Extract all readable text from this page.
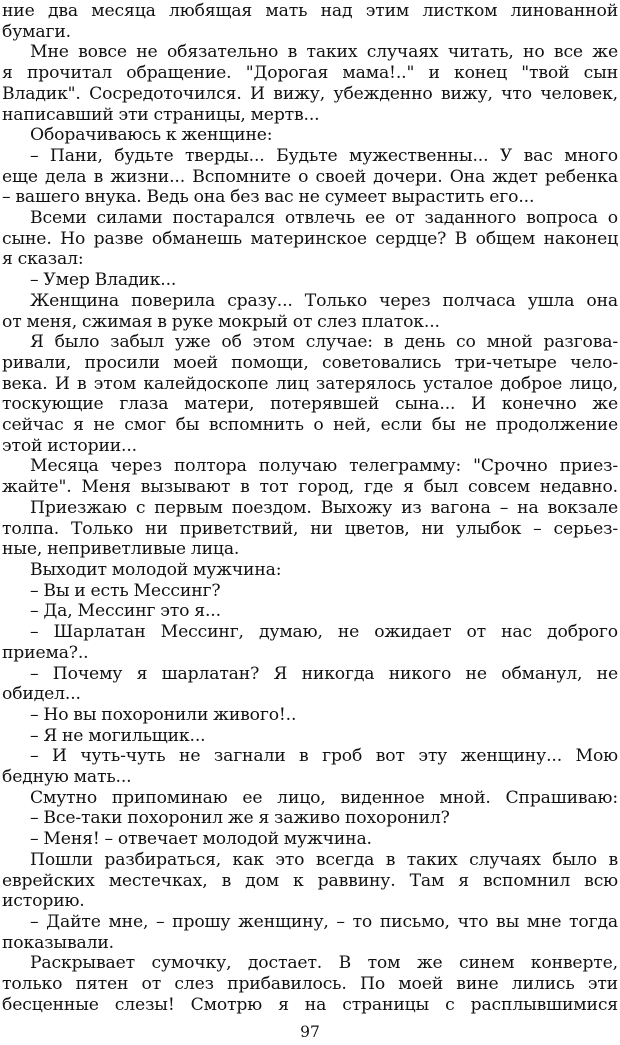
ние два месяца любящая мать над этим листком линованной
бумаги.
Мне вовсе не обязательно в таких случаях читать, но все же
я прочитал обращение. "Дорогая мама!.." и конец "твой сын
Владик". Сосредоточился. И вижу, убежденно вижу, что человек,
написавший эти страницы, мертв...
Оборачиваюсь к женщине:
– Пани, будьте тверды... Будьте мужественны... У вас много
еще дела в жизни... Вспомните о своей дочери. Она ждет ребенка
– вашего внука. Ведь она без вас не сумеет вырастить его...
Всеми силами постарался отвлечь ее от заданного вопроса о
сыне. Но разве обманешь материнское сердце? В общем наконец
я сказал:
– Умер Владик...
Женщина поверила сразу... Только через полчаса ушла она
от меня, сжимая в руке мокрый от слез платок...
Я было забыл уже об этом случае: в день со мной разгова-
ривали, просили моей помощи, советовались три-четыре чело-
века. И в этом калейдоскопе лиц затерялось усталое доброе лицо,
тоскующие глаза матери, потерявшей сына... И конечно же
сейчас я не смог бы вспомнить о ней, если бы не продолжение
этой истории...
Месяца через полтора получаю телеграмму: "Срочно приез-
жайте". Меня вызывают в тот город, где я был совсем недавно.
Приезжаю с первым поездом. Выхожу из вагона – на вокзале
толпа. Только ни приветствий, ни цветов, ни улыбок – серьез-
ные, неприветливые лица.
Выходит молодой мужчина:
– Вы и есть Мессинг?
– Да, Мессинг это я...
– Шарлатан Мессинг, думаю, не ожидает от нас доброго
приема?..
– Почему я шарлатан? Я никогда никого не обманул, не
обидел...
– Но вы похоронили живого!..
– Я не могильщик...
– И чуть-чуть не загнали в гроб вот эту женщину... Мою
бедную мать...
Смутно припоминаю ее лицо, виденное мной. Спрашиваю:
– Все-таки похоронил же я заживо похоронил?
– Меня! – отвечает молодой мужчина.
Пошли разбираться, как это всегда в таких случаях было в
еврейских местечках, в дом к раввину. Там я вспомнил всю
историю.
– Дайте мне, – прошу женщину, – то письмо, что вы мне тогда
показывали.
Раскрывает сумочку, достает. В том же синем конверте,
только пятен от слез прибавилось. По моей вине лились эти
бесценные слезы! Смотрю я на страницы с расплывшимися
97
